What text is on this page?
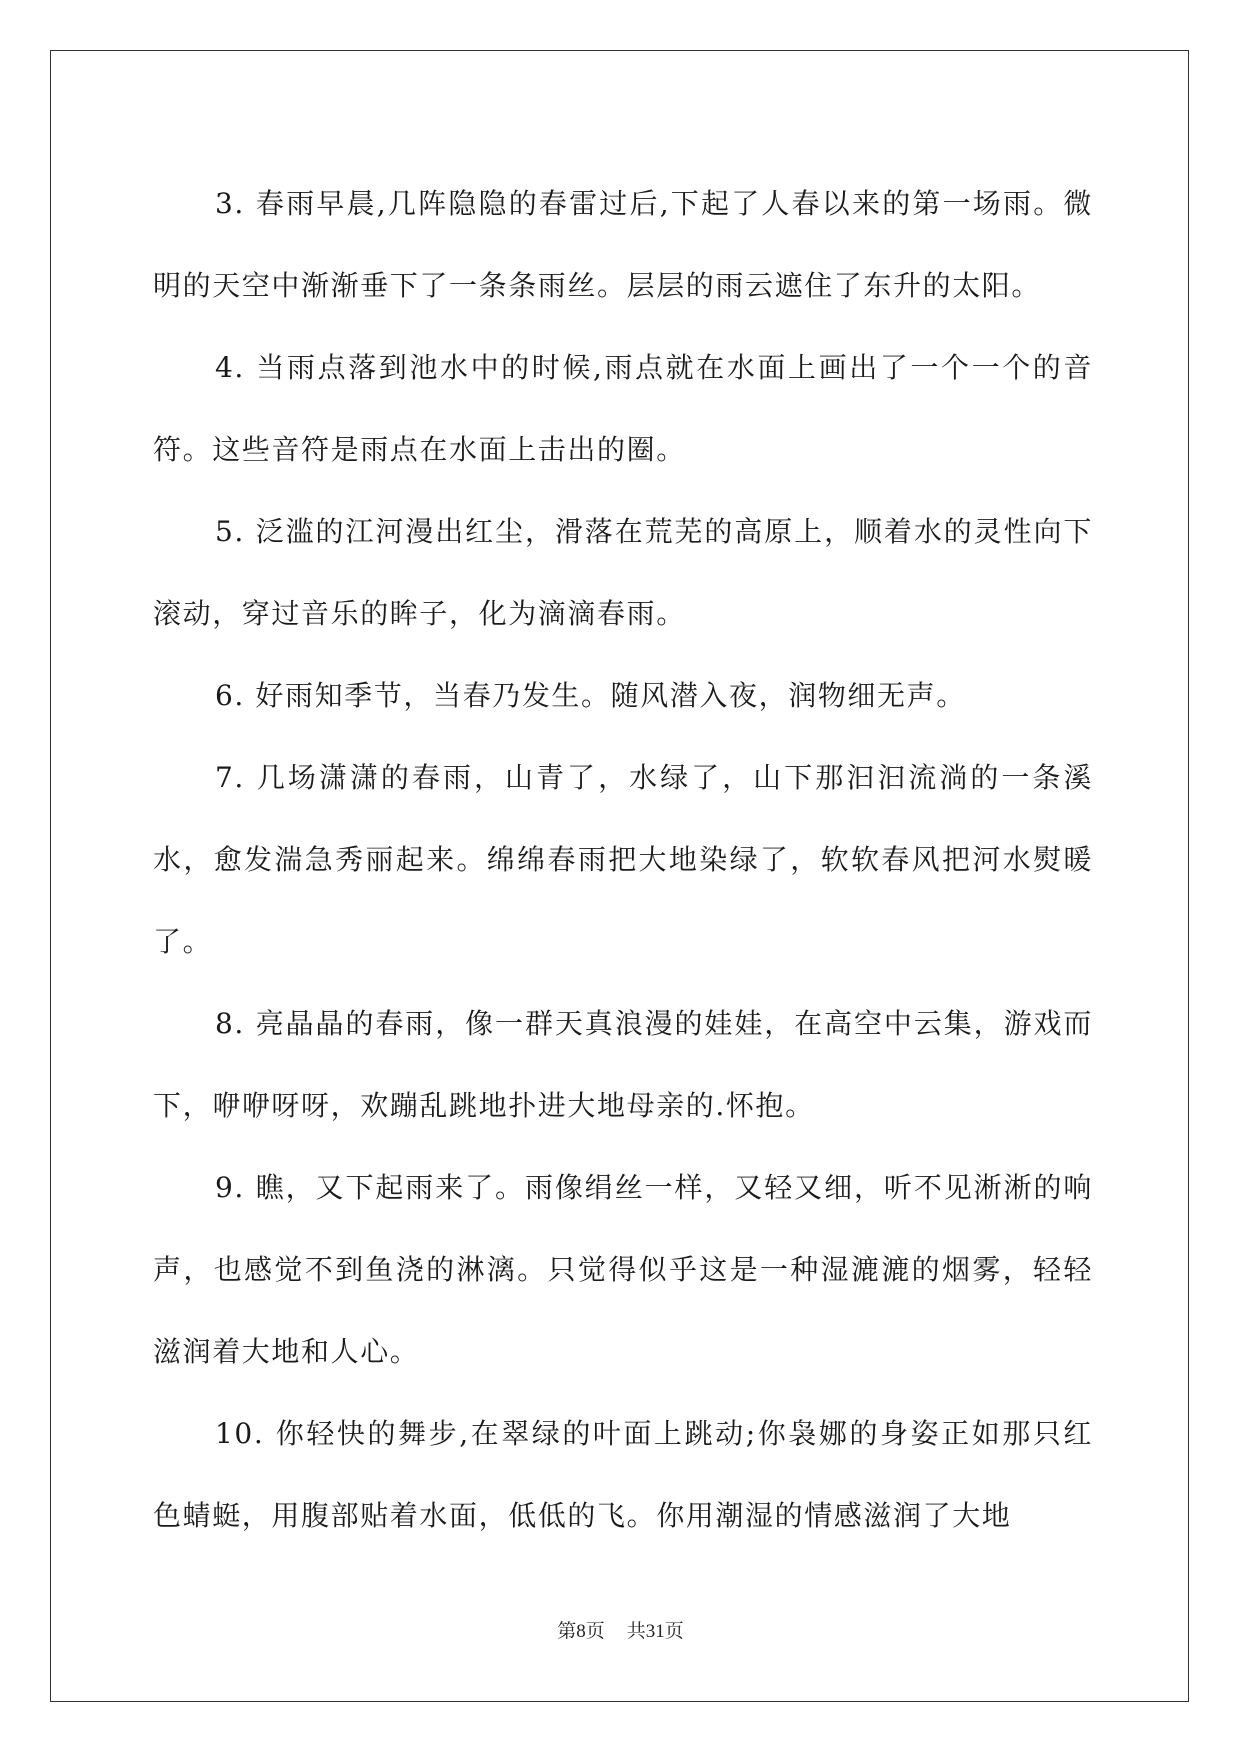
3. 春雨早晨,几阵隐隐的春雷过后,下起了人春以来的第一场雨。微明的天空中渐渐垂下了一条条雨丝。层层的雨云遮住了东升的太阳。

4. 当雨点落到池水中的时候,雨点就在水面上画出了一个一个的音符。这些音符是雨点在水面上击出的圈。

5. 泛滥的江河漫出红尘，滑落在荒芜的高原上，顺着水的灵性向下滚动，穿过音乐的眸子，化为滴滴春雨。

6. 好雨知季节，当春乃发生。随风潜入夜，润物细无声。

7. 几场潇潇的春雨，山青了，水绿了，山下那汩汩流淌的一条溪水，愈发湍急秀丽起来。绵绵春雨把大地染绿了，软软春风把河水熨暖了。

8. 亮晶晶的春雨，像一群天真浪漫的娃娃，在高空中云集，游戏而下，咿咿呀呀，欢蹦乱跳地扑进大地母亲的.怀抱。

9. 瞧，又下起雨来了。雨像绢丝一样，又轻又细，听不见淅淅的响声，也感觉不到鱼浇的淋漓。只觉得似乎这是一种湿漉漉的烟雾，轻轻滋润着大地和人心。

10. 你轻快的舞步,在翠绿的叶面上跳动;你袅娜的身姿正如那只红色蜻蜓，用腹部贴着水面，低低的飞。你用潮湿的情感滋润了大地

第8页 共31页
